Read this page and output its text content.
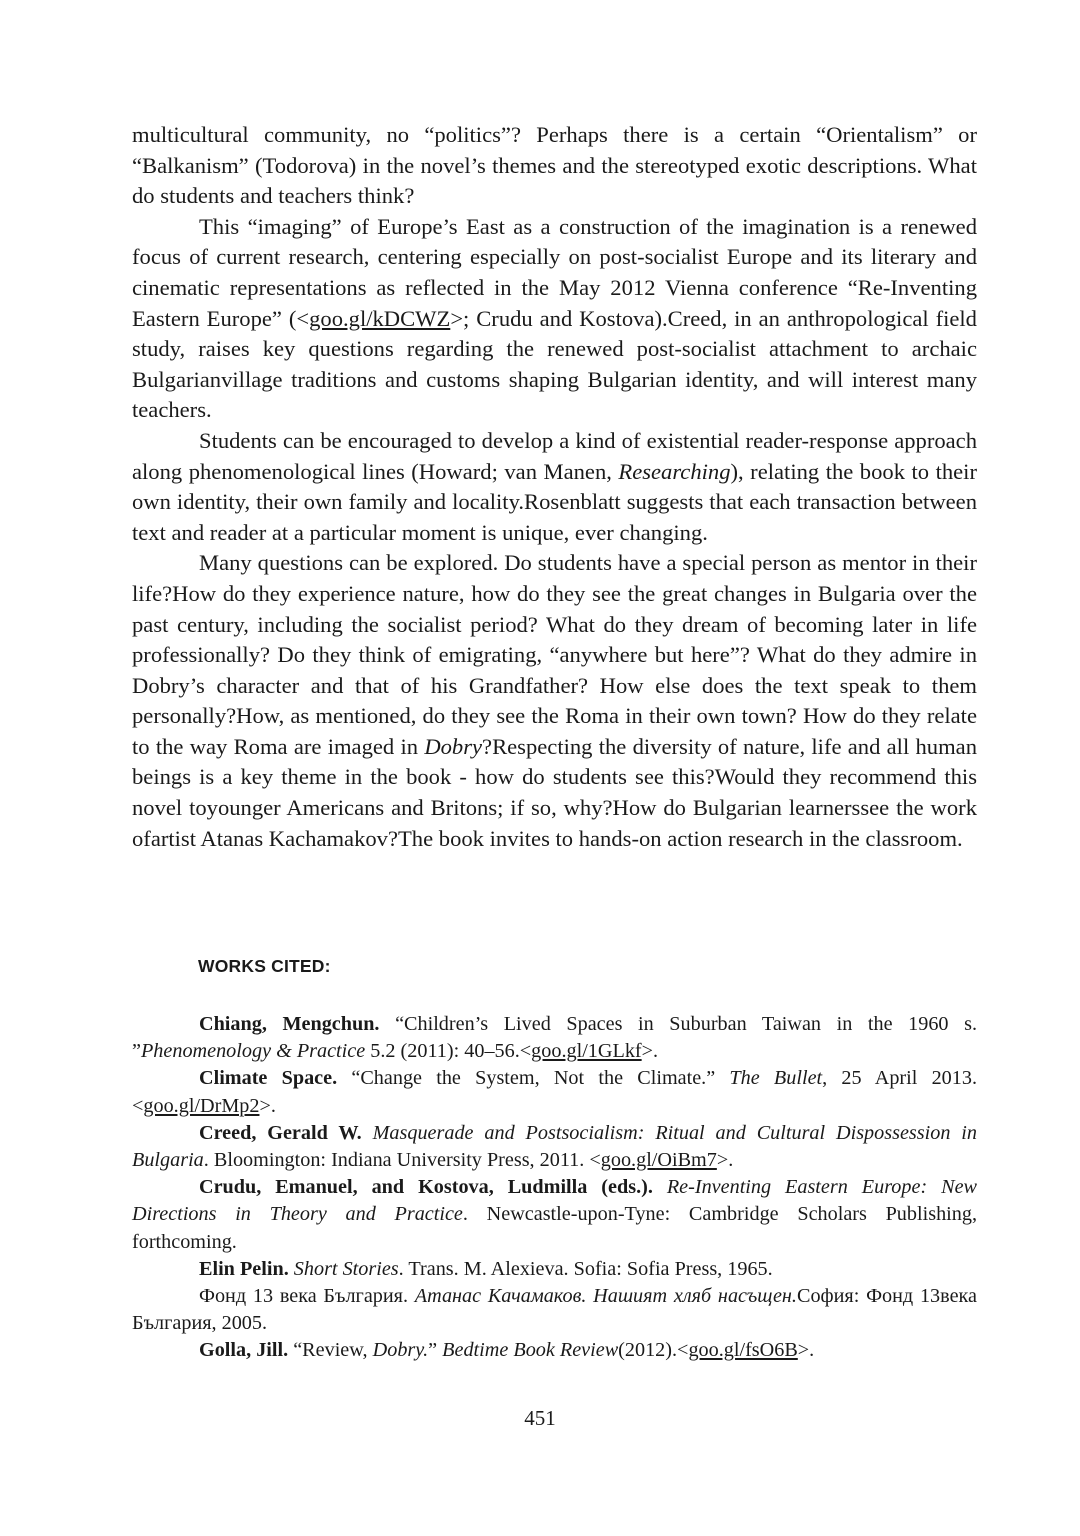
multicultural community, no “politics”? Perhaps there is a certain “Orientalism” or “Balkanism” (Todorova) in the novel’s themes and the stereotyped exotic descriptions. What do students and teachers think?

This “imaging” of Europe’s East as a construction of the imagination is a renewed focus of current research, centering especially on post-socialist Europe and its literary and cinematic representations as reflected in the May 2012 Vienna conference “Re-Inventing Eastern Europe” (<goo.gl/kDCWZ>; Crudu and Kostova).Creed, in an anthropological field study, raises key questions regarding the renewed post-socialist attachment to archaic Bulgarianvillage traditions and customs shaping Bulgarian identity, and will interest many teachers.

Students can be encouraged to develop a kind of existential reader-response approach along phenomenological lines (Howard; van Manen, Researching), relating the book to their own identity, their own family and locality.Rosenblatt suggests that each transaction between text and reader at a particular moment is unique, ever changing.

Many questions can be explored. Do students have a special person as mentor in their life?How do they experience nature, how do they see the great changes in Bulgaria over the past century, including the socialist period? What do they dream of becoming later in life professionally? Do they think of emigrating, “anywhere but here”? What do they admire in Dobry’s character and that of his Grandfather? How else does the text speak to them personally?How, as mentioned, do they see the Roma in their own town? How do they relate to the way Roma are imaged in Dobry?Respecting the diversity of nature, life and all human beings is a key theme in the book - how do students see this?Would they recommend this novel toyounger Americans and Britons; if so, why?How do Bulgarian learnerssee the work ofartist Atanas Kachamakov?The book invites to hands-on action research in the classroom.

WORKS CITED:

Chiang, Mengchun. “Children’s Lived Spaces in Suburban Taiwan in the 1960 s. ”Phenomenology & Practice 5.2 (2011): 40–56.<goo.gl/1GLkf>.

Climate Space. “Change the System, Not the Climate.” The Bullet, 25 April 2013.<goo.gl/DrMp2>.

Creed, Gerald W. Masquerade and Postsocialism: Ritual and Cultural Dispossession in Bulgaria. Bloomington: Indiana University Press, 2011. <goo.gl/OiBm7>.

Crudu, Emanuel, and Kostova, Ludmilla (eds.). Re-Inventing Eastern Europe: New Directions in Theory and Practice. Newcastle-upon-Tyne: Cambridge Scholars Publishing, forthcoming.

Elin Pelin. Short Stories. Trans. M. Alexieva. Sofia: Sofia Press, 1965.

Фонд 13 века България. Атанас Качамаков. Нашият хляб насъщен.София: Фонд 13века България, 2005.

Golla, Jill. “Review, Dobry.” Bedtime Book Review(2012).<goo.gl/fsO6B>.

451
